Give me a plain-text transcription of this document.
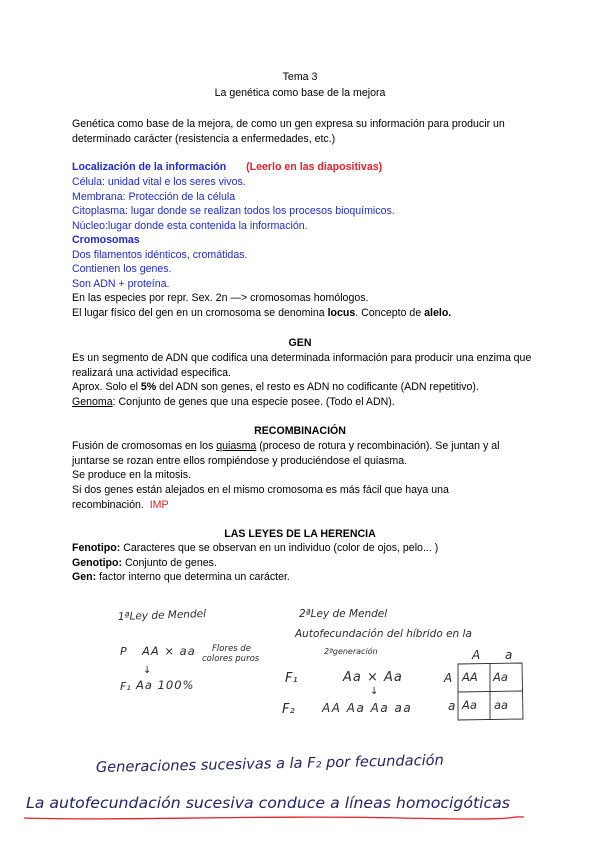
Tema 3
La genética como base de la mejora

Genética como base de la mejora, de como un gen expresa su información para producir un determinado carácter (resistencia a enfermedades, etc.)

Localización de la información (Leerlo en las diapositivas)
Célula: unidad vital e los seres vivos.
Membrana: Protección de la célula
Citoplasma: lugar donde se realizan todos los procesos bioquímicos.
Núcleo:lugar donde esta contenida la información.
Cromosomas
Dos filamentos idénticos, cromátidas.
Contienen los genes.
Son ADN + proteína.
En las especies por repr. Sex. 2n —> cromosomas homólogos.
El lugar físico del gen en un cromosoma se denomina locus. Concepto de alelo.
GEN

Es un segmento de ADN que codifica una determinada información para producir una enzima que realizará una actividad especifica.

Aprox. Solo el 5% del ADN son genes, el resto es ADN no codificante (ADN repetitivo).
Genoma: Conjunto de genes que una especie posee. (Todo el ADN).
RECOMBINACIÓN

Fusión de cromosomas en los quiasma (proceso de rotura y recombinación). Se juntan y al juntarse se rozan entre ellos rompiéndose y produciéndose el quiasma.

Se produce en la mitosis.

Si dos genes están alejados en el mismo cromosoma es más fácil que haya una recombinación. IMP

LAS LEYES DE LA HERENCIA
Fenotipo: Caracteres que se observan en un individuo (color de ojos, pelo... )
Genotipo: Conjunto de genes.
Gen: factor interno que determina un carácter.
1ªLey de Mendel
P AA × aa Flores de
colores puros
↓
F₁ Aa 100%
2ªLey de Mendel
Autofecundación del híbrido en la
2ªgeneración
F₁	Aa × Aa
↓
F₂ AA Aa Aa aa
A a
A
a
AA Aa
Aa aa
Generaciones sucesivas a la F₂ por fecundación
La autofecundación sucesiva conduce a líneas homocigóticas
